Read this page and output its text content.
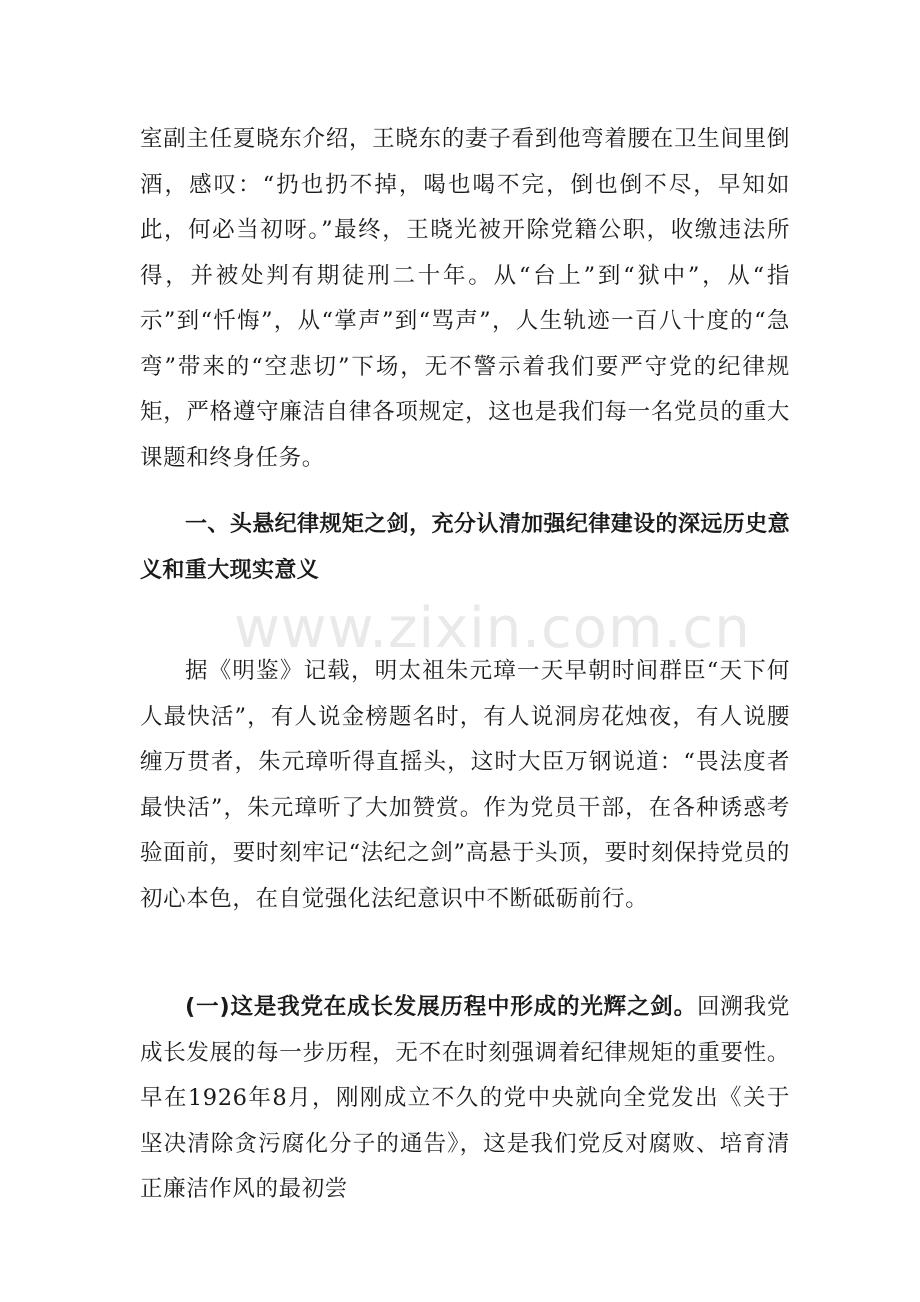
www.zixin.com.cn

室副主任夏晓东介绍，王晓东的妻子看到他弯着腰在卫生间里倒酒，感叹：“扔也扔不掉，喝也喝不完，倒也倒不尽，早知如此，何必当初呀。”最终，王晓光被开除党籍公职，收缴违法所得，并被处判有期徒刑二十年。从“台上”到“狱中”，从“指示”到“忏悔”，从“掌声”到“骂声”，人生轨迹一百八十度的“急弯”带来的“空悲切”下场，无不警示着我们要严守党的纪律规矩，严格遵守廉洁自律各项规定，这也是我们每一名党员的重大课题和终身任务。

一、头悬纪律规矩之剑，充分认清加强纪律建设的深远历史意义和重大现实意义

据《明鉴》记载，明太祖朱元璋一天早朝时间群臣“天下何人最快活”，有人说金榜题名时，有人说洞房花烛夜，有人说腰缠万贯者，朱元璋听得直摇头，这时大臣万钢说道：“畏法度者最快活”，朱元璋听了大加赞赏。作为党员干部，在各种诱惑考验面前，要时刻牢记“法纪之剑”高悬于头顶，要时刻保持党员的初心本色，在自觉强化法纪意识中不断砥砺前行。

(一)这是我党在成长发展历程中形成的光辉之剑。回溯我党成长发展的每一步历程，无不在时刻强调着纪律规矩的重要性。早在1926年8月，刚刚成立不久的党中央就向全党发出《关于坚决清除贪污腐化分子的通告》，这是我们党反对腐败、培育清正廉洁作风的最初尝
